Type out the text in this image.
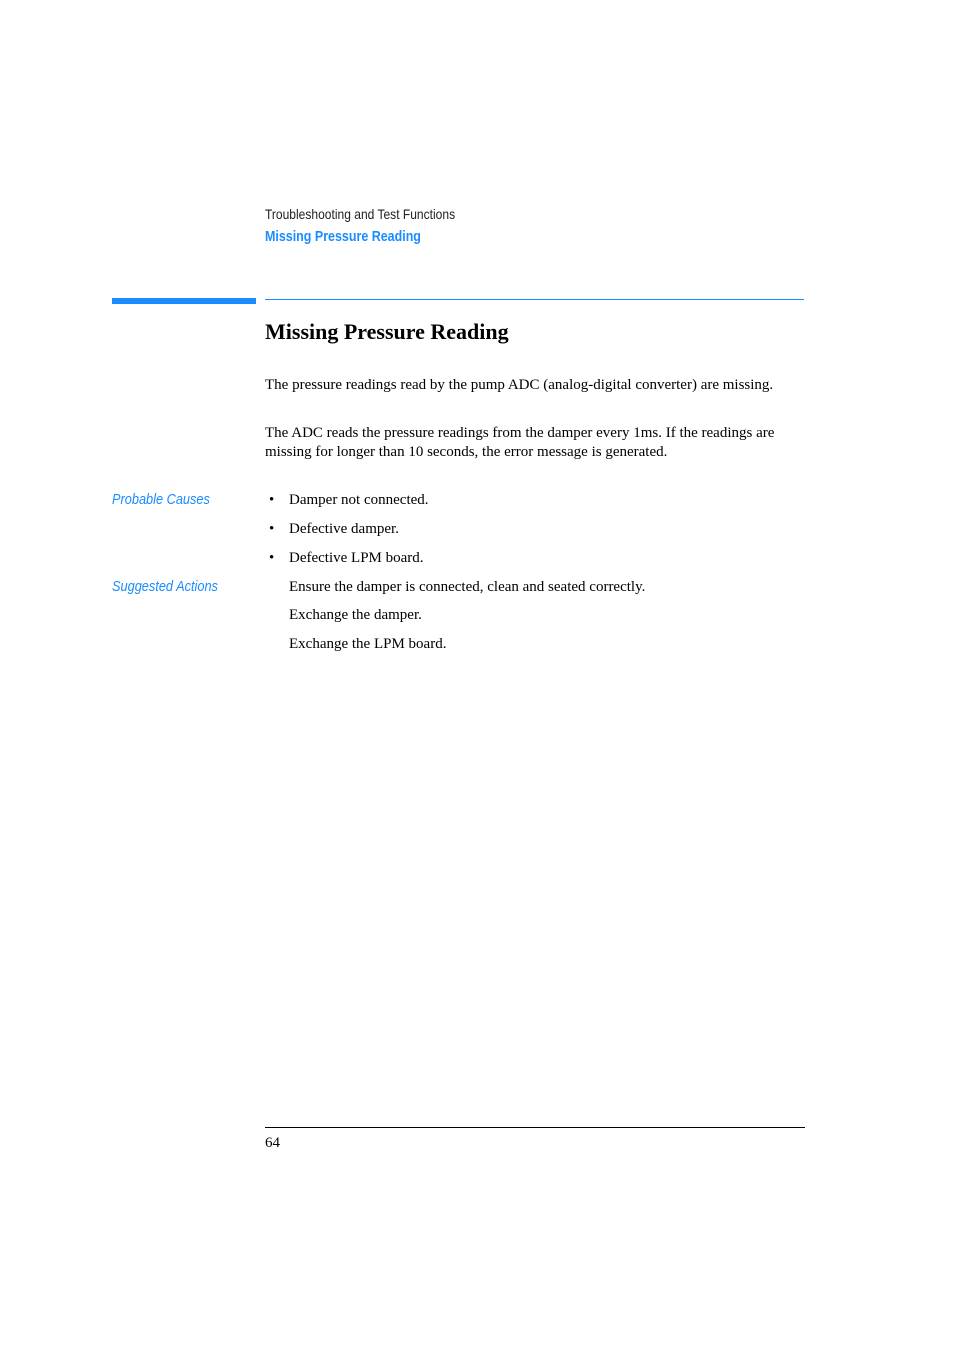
Troubleshooting and Test Functions
Missing Pressure Reading
Missing Pressure Reading

The pressure readings read by the pump ADC (analog-digital converter) are missing.

The ADC reads the pressure readings from the damper every 1ms. If the readings are missing for longer than 10 seconds, the error message is generated.

Probable Causes	• Damper not connected.
• Defective damper.
• Defective LPM board.
Suggested Actions	Ensure the damper is connected, clean and seated correctly.
Exchange the damper.
Exchange the LPM board.
64
